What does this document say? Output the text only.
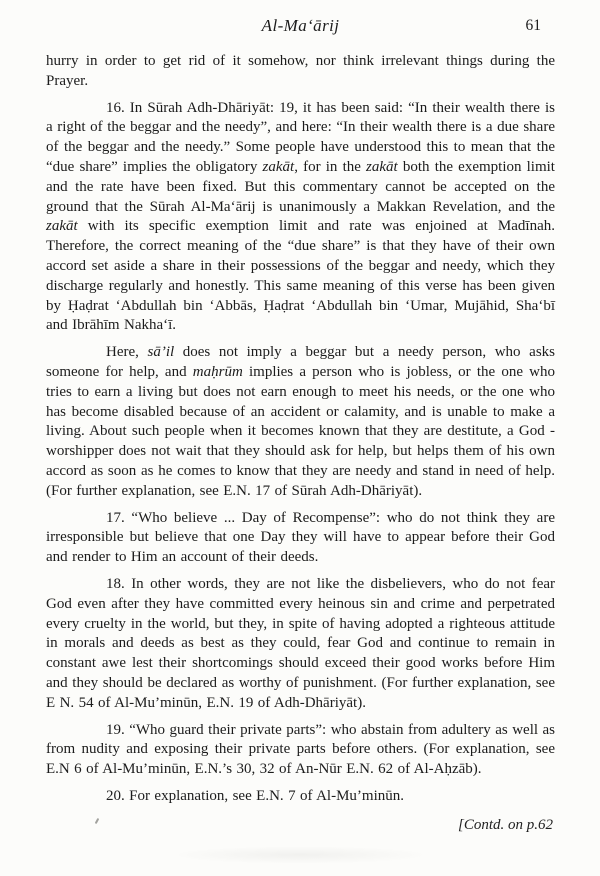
Al-Ma‘ārij	61

hurry in order to get rid of it somehow, nor think irrelevant things during the Prayer.

16. In Sūrah Adh-Dhāriyāt: 19, it has been said: “In their wealth there is a right of the beggar and the needy”, and here: “In their wealth there is a due share of the beggar and the needy.” Some people have understood this to mean that the “due share” implies the obligatory zakāt, for in the zakāt both the exemption limit and the rate have been fixed. But this commentary cannot be accepted on the ground that the Sūrah Al-Ma‘ārij is unanimously a Makkan Revelation, and the zakāt with its specific exemption limit and rate was enjoined at Madīnah. Therefore, the correct meaning of the “due share” is that they have of their own accord set aside a share in their possessions of the beggar and needy, which they discharge regularly and honestly. This same meaning of this verse has been given by Ḥaḍrat ‘Abdullah bin ‘Abbās, Ḥaḍrat ‘Abdullah bin ‘Umar, Mujāhid, Sha‘bī and Ibrāhīm Nakha‘ī.

Here, sā’il does not imply a beggar but a needy person, who asks someone for help, and maḥrūm implies a person who is jobless, or the one who tries to earn a living but does not earn enough to meet his needs, or the one who has become disabled because of an accident or calamity, and is unable to make a living. About such people when it becomes known that they are destitute, a God - worshipper does not wait that they should ask for help, but helps them of his own accord as soon as he comes to know that they are needy and stand in need of help. (For further explanation, see E.N. 17 of Sūrah Adh-Dhāriyāt).

17. “Who believe ... Day of Recompense”: who do not think they are irresponsible but believe that one Day they will have to appear before their God and render to Him an account of their deeds.

18. In other words, they are not like the disbelievers, who do not fear God even after they have committed every heinous sin and crime and perpetrated every cruelty in the world, but they, in spite of having adopted a righteous attitude in morals and deeds as best as they could, fear God and continue to remain in constant awe lest their shortcomings should exceed their good works before Him and they should be declared as worthy of punishment. (For further explanation, see E N. 54 of Al-Mu’minūn, E.N. 19 of Adh-Dhāriyāt).

19. “Who guard their private parts”: who abstain from adultery as well as from nudity and exposing their private parts before others. (For explanation, see E.N 6 of Al-Mu’minūn, E.N.’s 30, 32 of An-Nūr E.N. 62 of Al-Aḥzāb).

20. For explanation, see E.N. 7 of Al-Mu’minūn.

[Contd. on p.62
